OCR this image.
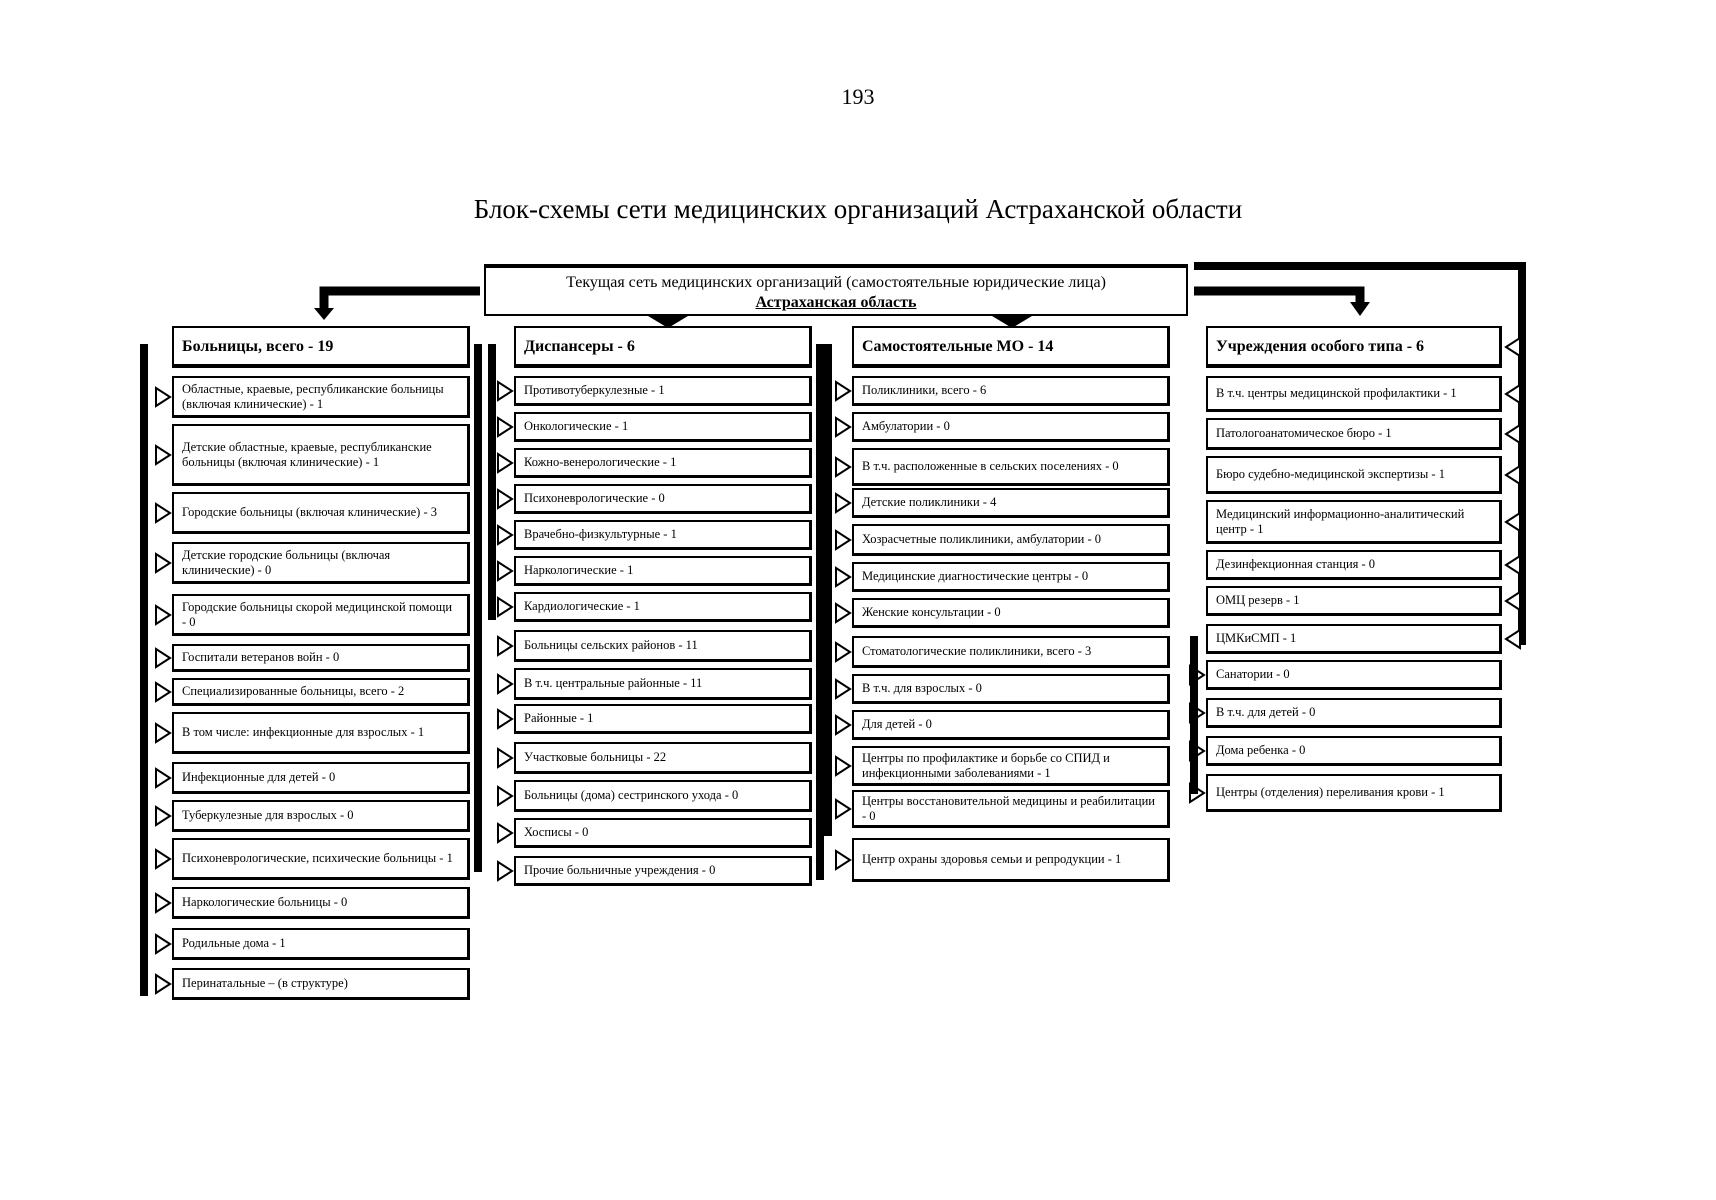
193
Блок-схемы сети медицинских организаций Астраханской области
Текущая сеть медицинских организаций (самостоятельные юридические лица)
Астраханская область
Больницы, всего - 19
Областные, краевые, республиканские больницы (включая клинические) - 1
Детские областные, краевые, республиканские больницы (включая клинические) - 1
Городские больницы (включая клинические) - 3
Детские городские больницы (включая клинические) - 0
Городские больницы скорой медицинской помощи - 0
Госпитали ветеранов войн - 0
Специализированные больницы, всего - 2
В том числе: инфекционные для взрослых - 1
Инфекционные для детей - 0
Туберкулезные для взрослых - 0
Психоневрологические, психические больницы - 1
Наркологические больницы - 0
Родильные дома - 1
Перинатальные – (в структуре)
Диспансеры - 6
Противотуберкулезные - 1
Онкологические - 1
Кожно-венерологические - 1
Психоневрологические - 0
Врачебно-физкультурные - 1
Наркологические - 1
Кардиологические - 1
Больницы сельских районов - 11
В т.ч. центральные районные - 11
Районные - 1
Участковые больницы - 22
Больницы (дома) сестринского ухода - 0
Хосписы - 0
Прочие больничные учреждения - 0
Самостоятельные МО - 14
Поликлиники, всего - 6
Амбулатории - 0
В т.ч. расположенные в сельских поселениях - 0
Детские поликлиники - 4
Хозрасчетные поликлиники, амбулатории - 0
Медицинские диагностические центры - 0
Женские консультации - 0
Стоматологические поликлиники, всего - 3
В т.ч. для взрослых - 0
Для детей - 0
Центры по профилактике и борьбе со СПИД и инфекционными заболеваниями - 1
Центры восстановительной медицины и реабилитации - 0
Центр охраны здоровья семьи и репродукции - 1
Учреждения особого типа - 6
В т.ч. центры медицинской профилактики - 1
Патологоанатомическое бюро - 1
Бюро судебно-медицинской экспертизы - 1
Медицинский информационно-аналитический центр - 1
Дезинфекционная станция - 0
ОМЦ резерв - 1
ЦМКиСМП - 1
Санатории - 0
В т.ч. для детей - 0
Дома ребенка - 0
Центры (отделения) переливания крови - 1
